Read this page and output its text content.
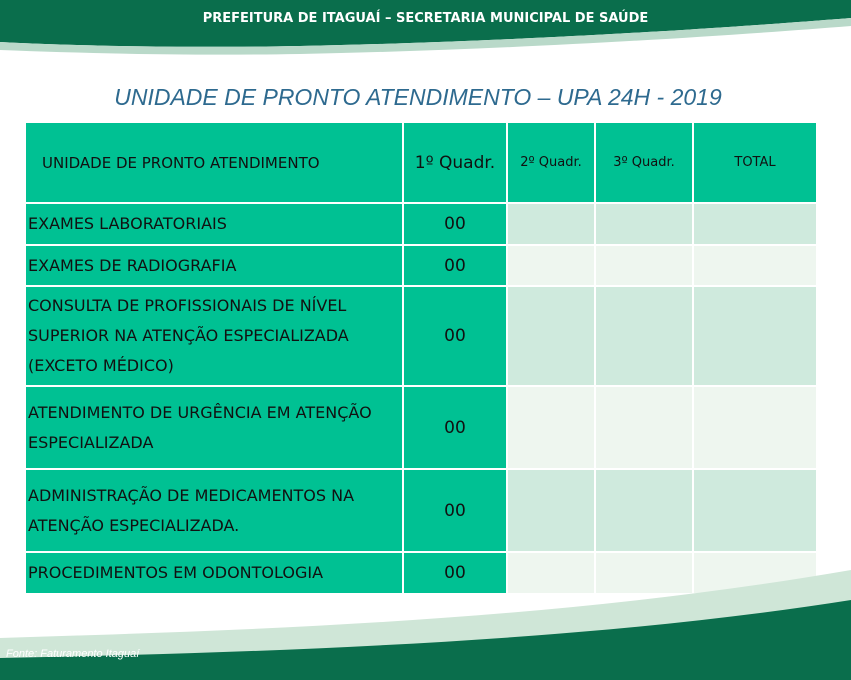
PREFEITURA DE ITAGUAÍ – SECRETARIA MUNICIPAL DE SAÚDE
UNIDADE DE PRONTO ATENDIMENTO – UPA 24H - 2019
UNIDADE DE PRONTO ATENDIMENTO	1º Quadr.	2º Quadr.	3º Quadr.	TOTAL
EXAMES LABORATORIAIS	00			
EXAMES DE RADIOGRAFIA	00			
CONSULTA DE PROFISSIONAIS DE NÍVEL SUPERIOR NA ATENÇÃO ESPECIALIZADA (EXCETO MÉDICO)	00			
ATENDIMENTO DE URGÊNCIA EM ATENÇÃO ESPECIALIZADA	00			
ADMINISTRAÇÃO DE MEDICAMENTOS NA ATENÇÃO ESPECIALIZADA.	00			
PROCEDIMENTOS EM ODONTOLOGIA	00			
Fonte: Faturamento Itaguaí
